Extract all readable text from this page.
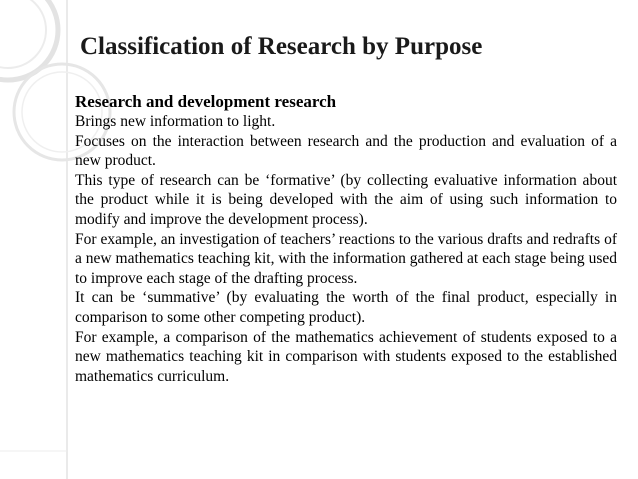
Classification of Research by Purpose

Research and development research

Brings new information to light.

Focuses on the interaction between research and the production and evaluation of a new product.

This type of research can be ‘formative’ (by collecting evaluative information about the product while it is being developed with the aim of using such information to modify and improve the development process).

For example, an investigation of teachers’ reactions to the various drafts and redrafts of a new mathematics teaching kit, with the information gathered at each stage being used to improve each stage of the drafting process.

It can be ‘summative’ (by evaluating the worth of the final product, especially in comparison to some other competing product).

For example, a comparison of the mathematics achievement of students exposed to a new mathematics teaching kit in comparison with students exposed to the established mathematics curriculum.
